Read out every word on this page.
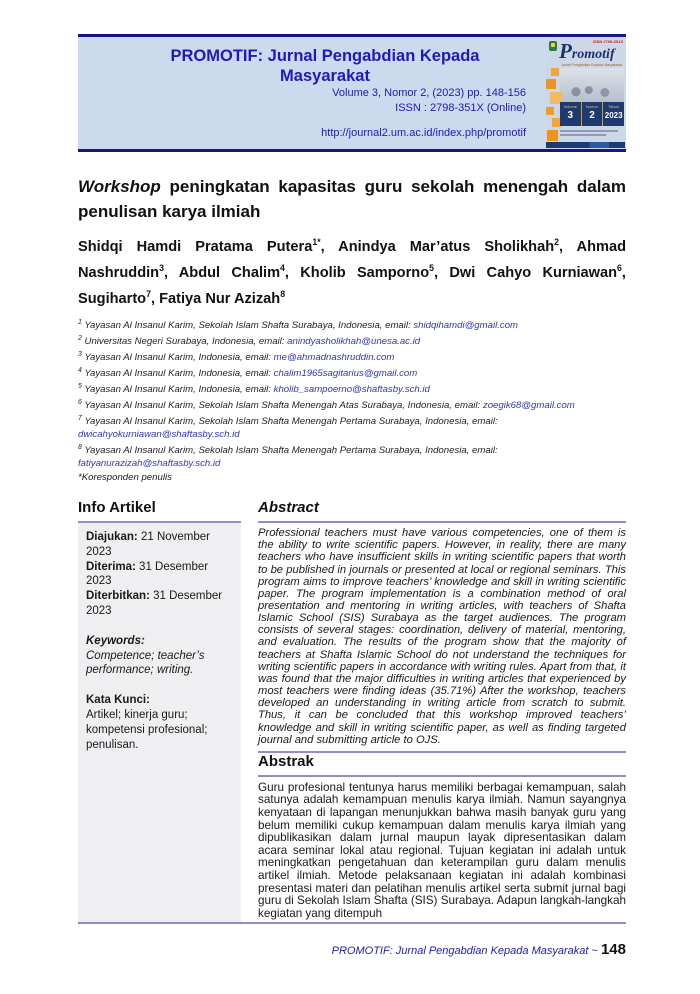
PROMOTIF: Jurnal Pengabdian Kepada Masyarakat
Volume 3, Nomor 2, (2023) pp. 148-156
ISSN : 2798-351X (Online)
http://journal2.um.ac.id/index.php/promotif
ISSN 2798-351X
Promotif
Jurnal Pengabdian Kepada Masyarakat
Volume
3
Nomor
2
Tahun
2023
Workshop peningkatan kapasitas guru sekolah menengah dalam penulisan karya ilmiah

Shidqi Hamdi Pratama Putera$^{1*}$, Anindya Mar’atus Sholikhah$^2$, Ahmad Nashruddin$^3$, Abdul Chalim$^4$, Kholib Samporno$^5$, Dwi Cahyo Kurniawan$^6$, Sugiharto$^7$, Fatiya Nur Azizah$^8$

$^1$ Yayasan Al Insanul Karim, Sekolah Islam Shafta Surabaya, Indonesia, email: shidqihamdi@gmail.com
$^2$ Universitas Negeri Surabaya, Indonesia, email: anindyasholikhah@unesa.ac.id
$^3$ Yayasan Al Insanul Karim, Indonesia, email: me@ahmadnashruddin.com
$^4$ Yayasan Al Insanul Karim, Indonesia, email: chalim1965sagitarius@gmail.com
$^5$ Yayasan Al Insanul Karim, Indonesia, email: kholib_sampoerno@shaftasby.sch.id
$^6$ Yayasan Al Insanul Karim, Sekolah Islam Shafta Menengah Atas Surabaya, Indonesia, email: zoegik68@gmail.com
$^7$ Yayasan Al Insanul Karim, Sekolah Islam Shafta Menengah Pertama Surabaya, Indonesia, email: dwicahyokurniawan@shaftasby.sch.id
$^8$ Yayasan Al Insanul Karim, Sekolah Islam Shafta Menengah Pertama Surabaya, Indonesia, email: fatiyanurazizah@shaftasby.sch.id
*Koresponden penulis
Info Artikel
Diajukan: 21 November 2023
Diterima: 31 Desember 2023
Diterbitkan: 31 Desember 2023
Keywords:
Competence; teacher’s performance; writing.
Kata Kunci:
Artikel; kinerja guru; kompetensi profesional; penulisan.
Abstract

Professional teachers must have various competencies, one of them is the ability to write scientific papers. However, in reality, there are many teachers who have insufficient skills in writing scientific papers that worth to be published in journals or presented at local or regional seminars. This program aims to improve teachers’ knowledge and skill in writing scientific paper. The program implementation is a combination method of oral presentation and mentoring in writing articles, with teachers of Shafta Islamic School (SIS) Surabaya as the target audiences. The program consists of several stages: coordination, delivery of material, mentoring, and evaluation. The results of the program show that the majority of teachers at Shafta Islamic School do not understand the techniques for writing scientific papers in accordance with writing rules. Apart from that, it was found that the major difficulties in writing articles that experienced by most teachers were finding ideas (35.71%) After the workshop, teachers developed an understanding in writing article from scratch to submit. Thus, it can be concluded that this workshop improved teachers’ knowledge and skill in writing scientific paper, as well as finding targeted journal and submitting article to OJS.

Abstrak

Guru profesional tentunya harus memiliki berbagai kemampuan, salah satunya adalah kemampuan menulis karya ilmiah. Namun sayangnya kenyataan di lapangan menunjukkan bahwa masih banyak guru yang belum memiliki cukup kemampuan dalam menulis karya ilmiah yang dipublikasikan dalam jurnal maupun layak dipresentasikan dalam acara seminar lokal atau regional. Tujuan kegiatan ini adalah untuk meningkatkan pengetahuan dan keterampilan guru dalam menulis artikel ilmiah. Metode pelaksanaan kegiatan ini adalah kombinasi presentasi materi dan pelatihan menulis artikel serta submit jurnal bagi guru di Sekolah Islam Shafta (SIS) Surabaya. Adapun langkah-langkah kegiatan yang ditempuh

PROMOTIF: Jurnal Pengabdian Kepada Masyarakat ~ 148
